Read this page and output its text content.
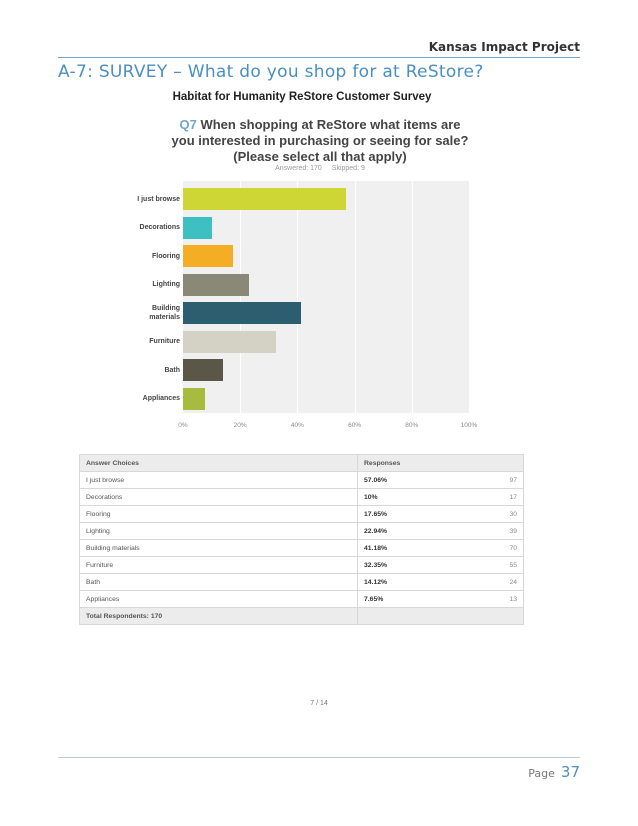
Kansas Impact Project
A-7: SURVEY – What do you shop for at ReStore?
Habitat for Humanity ReStore Customer Survey
Q7 When shopping at ReStore what items are you interested in purchasing or seeing for sale? (Please select all that apply)
Answered: 170 Skipped: 9
I just browse
Decorations
Flooring
Lighting
Building
materials
Furniture
Bath
Appliances
0%	20%	40%	60%	80%	100%
Answer Choices	Responses	
I just browse	57.06%	97
Decorations	10%	17
Flooring	17.65%	30
Lighting	22.94%	39
Building materials	41.18%	70
Furniture	32.35%	55
Bath	14.12%	24
Appliances	7.65%	13
Total Respondents: 170		
7 / 14
Page 37
